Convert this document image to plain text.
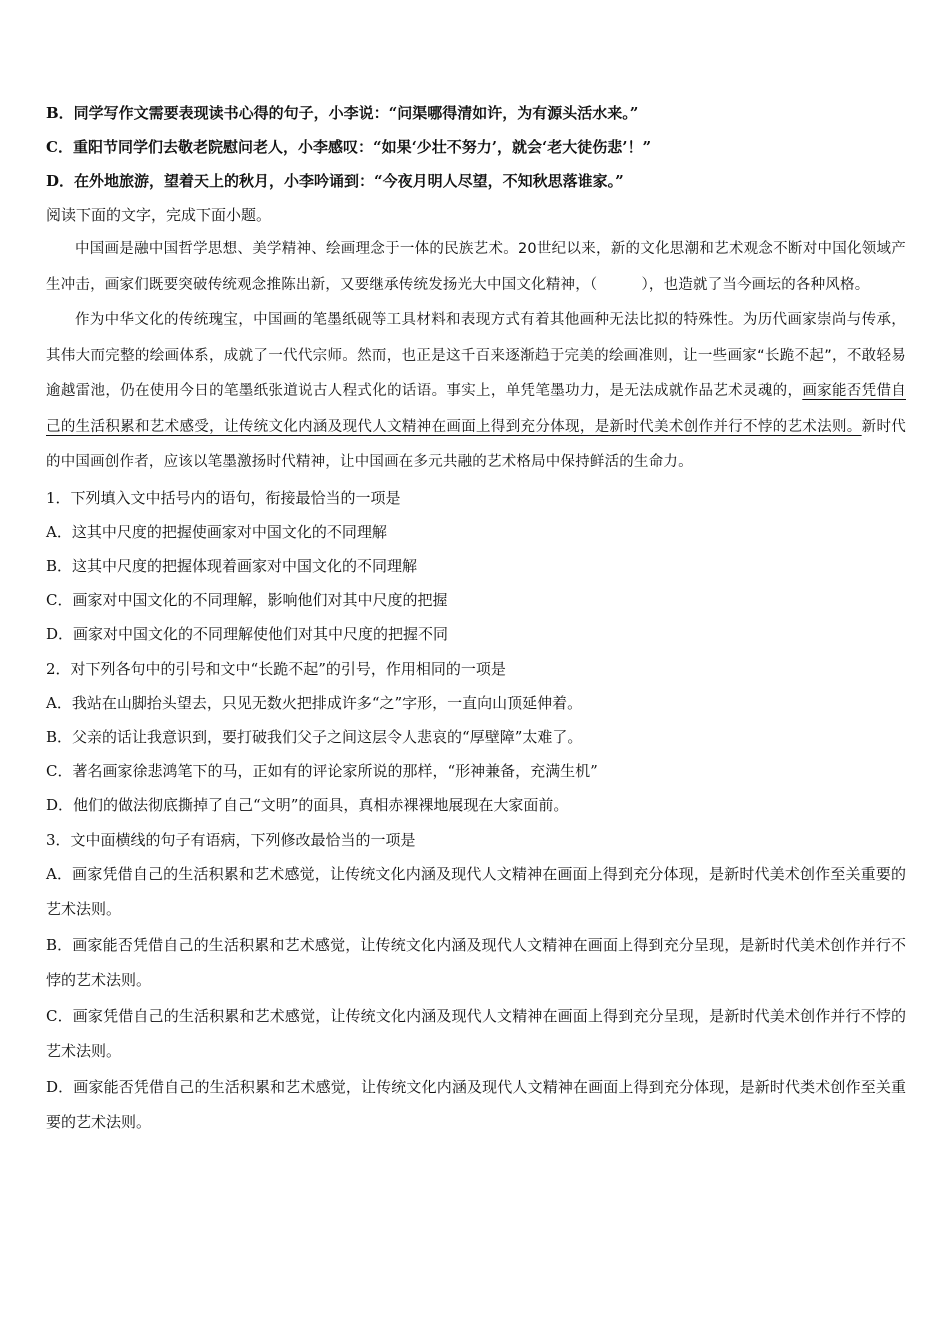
B．同学写作文需要表现读书心得的句子，小李说：“问渠哪得清如许，为有源头活水来。”
C．重阳节同学们去敬老院慰问老人，小李感叹：“如果‘少壮不努力’，就会‘老大徒伤悲’！”
D．在外地旅游，望着天上的秋月，小李吟诵到：“今夜月明人尽望，不知秋思落谁家。”
阅读下面的文字，完成下面小题。
中国画是融中国哲学思想、美学精神、绘画理念于一体的民族艺术。20世纪以来，新的文化思潮和艺术观念不断对中国化领域产生冲击，画家们既要突破传统观念推陈出新，又要继承传统发扬光大中国文化精神，（　　　），也造就了当今画坛的各种风格。
作为中华文化的传统瑰宝，中国画的笔墨纸砚等工具材料和表现方式有着其他画种无法比拟的特殊性。为历代画家崇尚与传承，其伟大而完整的绘画体系，成就了一代代宗师。然而，也正是这千百来逐渐趋于完美的绘画准则，让一些画家“长跪不起”，不敢轻易逾越雷池，仍在使用今日的笔墨纸张道说古人程式化的话语。事实上，单凭笔墨功力，是无法成就作品艺术灵魂的，画家能否凭借自己的生活积累和艺术感受，让传统文化内涵及现代人文精神在画面上得到充分体现，是新时代美术创作并行不悖的艺术法则。新时代的中国画创作者，应该以笔墨激扬时代精神，让中国画在多元共融的艺术格局中保持鲜活的生命力。
1．下列填入文中括号内的语句，衔接最恰当的一项是
A．这其中尺度的把握使画家对中国文化的不同理解
B．这其中尺度的把握体现着画家对中国文化的不同理解
C．画家对中国文化的不同理解，影响他们对其中尺度的把握
D．画家对中国文化的不同理解使他们对其中尺度的把握不同
2．对下列各句中的引号和文中“长跪不起”的引号，作用相同的一项是
A．我站在山脚抬头望去，只见无数火把排成许多“之”字形，一直向山顶延伸着。
B．父亲的话让我意识到，要打破我们父子之间这层令人悲哀的“厚壁障”太难了。
C．著名画家徐悲鸿笔下的马，正如有的评论家所说的那样，“形神兼备，充满生机”
D．他们的做法彻底撕掉了自己“文明”的面具，真相赤裸裸地展现在大家面前。
3．文中面横线的句子有语病，下列修改最恰当的一项是
A．画家凭借自己的生活积累和艺术感觉，让传统文化内涵及现代人文精神在画面上得到充分体现，是新时代美术创作至关重要的艺术法则。
B．画家能否凭借自己的生活积累和艺术感觉，让传统文化内涵及现代人文精神在画面上得到充分呈现，是新时代美术创作并行不悖的艺术法则。
C．画家凭借自己的生活积累和艺术感觉，让传统文化内涵及现代人文精神在画面上得到充分呈现，是新时代美术创作并行不悖的艺术法则。
D．画家能否凭借自己的生活积累和艺术感觉，让传统文化内涵及现代人文精神在画面上得到充分体现，是新时代类术创作至关重要的艺术法则。
